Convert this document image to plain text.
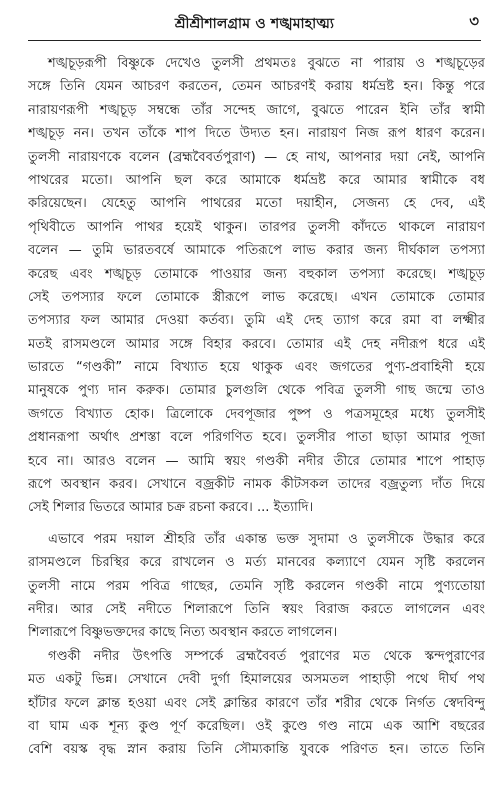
শ্রীশ্রীশালগ্রাম ও শঙ্খমাহাত্ম্য	৩
শঙ্খচূড়রূপী বিষ্ণুকে দেখেও তুলসী প্রথমতঃ বুঝতে না পারায় ও শঙ্খচূড়ের
সঙ্গে তিনি যেমন আচরণ করতেন, তেমন আচরণই করায় ধর্মভ্রষ্ট হন। কিন্তু পরে
নারায়ণরূপী শঙ্খচূড় সম্বন্ধে তাঁর সন্দেহ জাগে, বুঝতে পারেন ইনি তাঁর স্বামী
শঙ্খচূড় নন। তখন তাঁকে শাপ দিতে উদ্যত হন। নারায়ণ নিজ রূপ ধারণ করেন।
তুলসী নারায়ণকে বলেন (ব্রহ্মবৈবর্তপুরাণ) — হে নাথ, আপনার দয়া নেই, আপনি
পাথরের মতো। আপনি ছল করে আমাকে ধর্মভ্রষ্ট করে আমার স্বামীকে বধ
করিয়েছেন। যেহেতু আপনি পাথরের মতো দয়াহীন, সেজন্য হে দেব, এই
পৃথিবীতে আপনি পাথর হয়েই থাকুন। তারপর তুলসী কাঁদতে থাকলে নারায়ণ
বলেন — তুমি ভারতবর্ষে আমাকে পতিরূপে লাভ করার জন্য দীর্ঘকাল তপস্যা
করেছ এবং শঙ্খচূড় তোমাকে পাওয়ার জন্য বহুকাল তপস্যা করেছে। শঙ্খচূড়
সেই তপস্যার ফলে তোমাকে স্ত্রীরূপে লাভ করেছে। এখন তোমাকে তোমার
তপস্যার ফল আমার দেওয়া কর্তব্য। তুমি এই দেহ ত্যাগ করে রমা বা লক্ষ্মীর
মতই রাসমণ্ডলে আমার সঙ্গে বিহার করবে। তোমার এই দেহ নদীরূপ ধরে এই
ভারতে “গণ্ডকী” নামে বিখ্যাত হয়ে থাকুক এবং জগতের পুণ্য-প্রবাহিনী হয়ে
মানুষকে পুণ্য দান করুক। তোমার চুলগুলি থেকে পবিত্র তুলসী গাছ জন্মে তাও
জগতে বিখ্যাত হোক। ত্রিলোকে দেবপূজার পুষ্প ও পত্রসমূহের মধ্যে তুলসীই
প্রধানরূপা অর্থাৎ প্রশস্তা বলে পরিগণিত হবে। তুলসীর পাতা ছাড়া আমার পূজা
হবে না। আরও বলেন — আমি স্বয়ং গণ্ডকী নদীর তীরে তোমার শাপে পাহাড়
রূপে অবস্থান করব। সেখানে বজ্রকীট নামক কীটসকল তাদের বজ্রতুল্য দাঁত দিয়ে
সেই শিলার ভিতরে আমার চক্র রচনা করবে। ... ইত্যাদি।
এভাবে পরম দয়াল শ্রীহরি তাঁর একান্ত ভক্ত সুদামা ও তুলসীকে উদ্ধার করে
রাসমণ্ডলে চিরস্থির করে রাখলেন ও মর্ত্য মানবের কল্যাণে যেমন সৃষ্টি করলেন
তুলসী নামে পরম পবিত্র গাছের, তেমনি সৃষ্টি করলেন গণ্ডকী নামে পুণ্যতোয়া
নদীর। আর সেই নদীতে শিলারূপে তিনি স্বয়ং বিরাজ করতে লাগলেন এবং
শিলারূপে বিষ্ণুভক্তদের কাছে নিত্য অবস্থান করতে লাগলেন।
গণ্ডকী নদীর উৎপত্তি সম্পর্কে ব্রহ্মবৈবর্ত পুরাণের মত থেকে স্কন্দপুরাণের
মত একটু ভিন্ন। সেখানে দেবী দুর্গা হিমালয়ের অসমতল পাহাড়ী পথে দীর্ঘ পথ
হাঁটার ফলে ক্লান্ত হওয়া এবং সেই ক্লান্তির কারণে তাঁর শরীর থেকে নির্গত স্বেদবিন্দু
বা ঘাম এক শূন্য কুণ্ড পূর্ণ করেছিল। ওই কুণ্ডে গণ্ড নামে এক আশি বছরের
বেশি বয়স্ক বৃদ্ধ স্নান করায় তিনি সৌম্যকান্তি যুবকে পরিণত হন। তাতে তিনি
